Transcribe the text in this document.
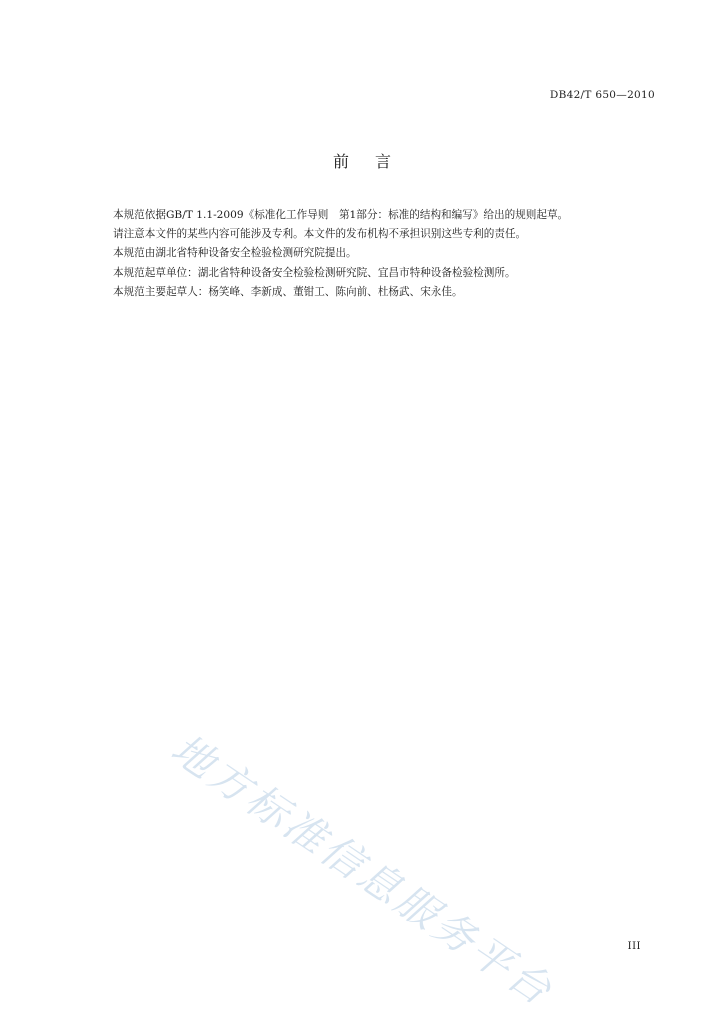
DB42/T 650—2010
前 言
本规范依据GB/T 1.1-2009《标准化工作导则　第1部分：标准的结构和编写》给出的规则起草。
请注意本文件的某些内容可能涉及专利。本文件的发布机构不承担识别这些专利的责任。
本规范由湖北省特种设备安全检验检测研究院提出。
本规范起草单位：湖北省特种设备安全检验检测研究院、宜昌市特种设备检验检测所。
本规范主要起草人：杨笑峰、李新成、董钳工、陈向前、杜杨武、宋永佳。
地方标准信息服务平台	III
